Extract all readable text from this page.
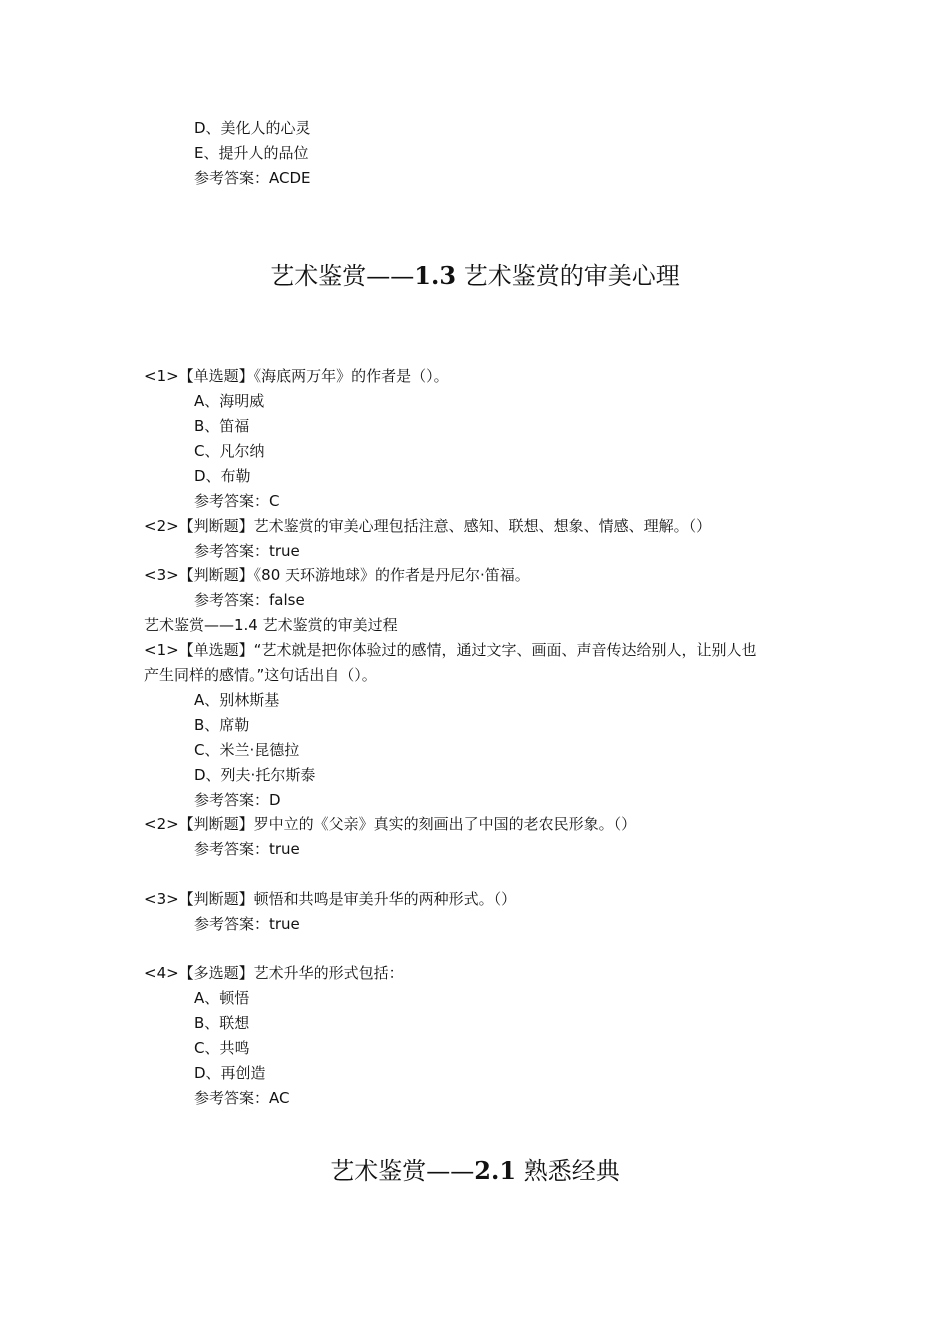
D、美化人的心灵
E、提升人的品位
参考答案：ACDE
艺术鉴赏——1.3 艺术鉴赏的审美心理
<1>【单选题】《海底两万年》的作者是（）。
A、海明威
B、笛福
C、凡尔纳
D、布勒
参考答案：C
<2>【判断题】艺术鉴赏的审美心理包括注意、感知、联想、想象、情感、理解。（）
参考答案：true
<3>【判断题】《80 天环游地球》的作者是丹尼尔·笛福。
参考答案：false
艺术鉴赏——1.4 艺术鉴赏的审美过程
<1>【单选题】“艺术就是把你体验过的感情，通过文字、画面、声音传达给别人，让别人也
产生同样的感情。”这句话出自（）。
A、别林斯基
B、席勒
C、米兰·昆德拉
D、列夫·托尔斯泰
参考答案：D
<2>【判断题】罗中立的《父亲》真实的刻画出了中国的老农民形象。（）
参考答案：true
<3>【判断题】顿悟和共鸣是审美升华的两种形式。（）
参考答案：true
<4>【多选题】艺术升华的形式包括：
A、顿悟
B、联想
C、共鸣
D、再创造
参考答案：AC
艺术鉴赏——2.1 熟悉经典
